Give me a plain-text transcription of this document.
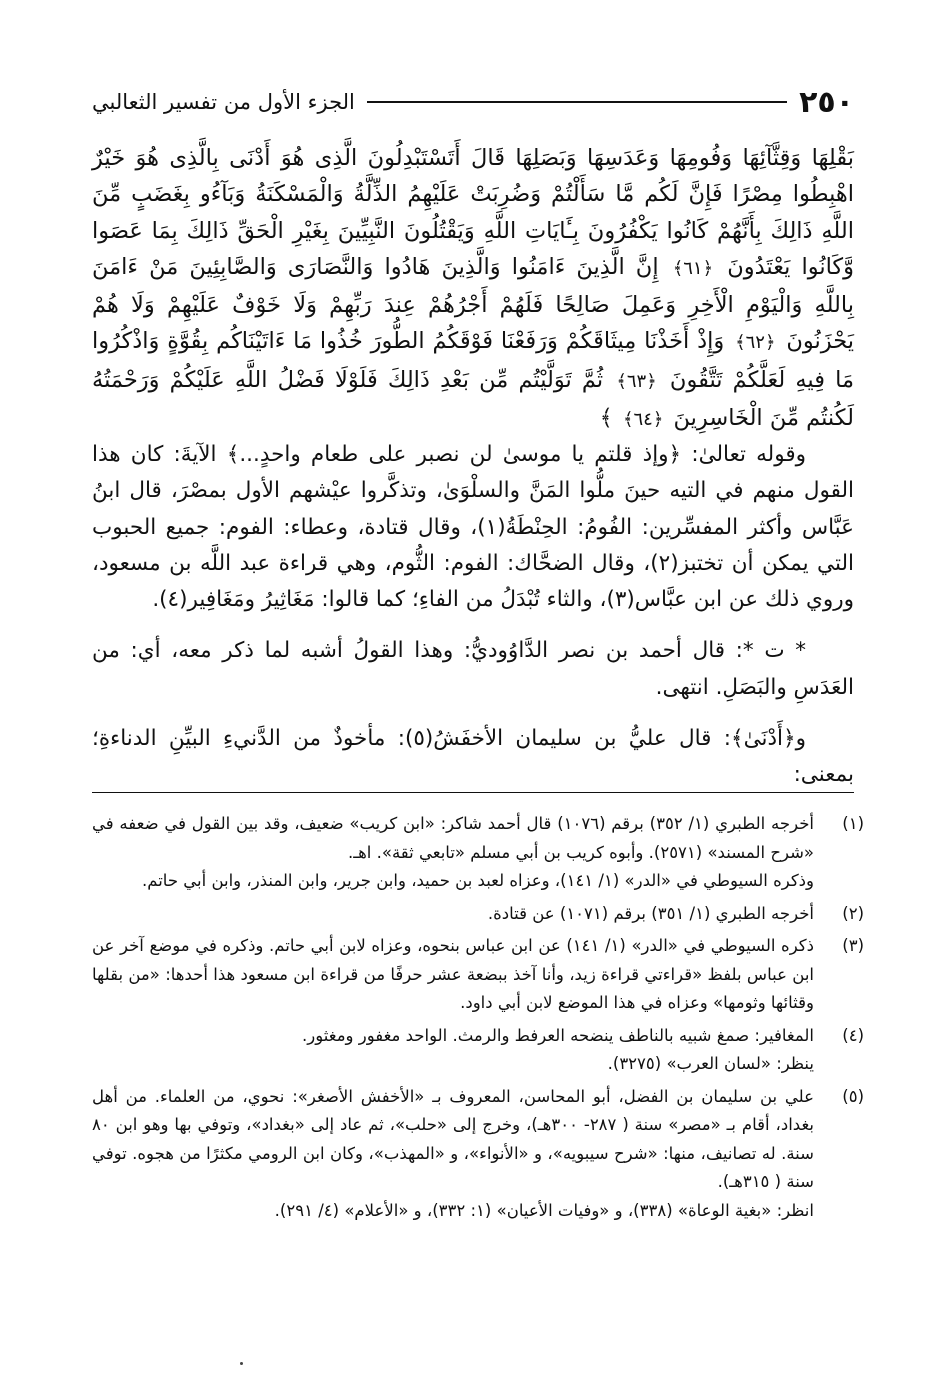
٢٥٠
الجزء الأول من تفسير الثعالبي
بَقْلِهَا وَقِثَّآئِهَا وَفُومِهَا وَعَدَسِهَا وَبَصَلِهَا قَالَ أَتَسْتَبْدِلُونَ الَّذِى هُوَ أَدْنَى بِالَّذِى هُوَ خَيْرٌ اهْبِطُوا مِصْرًا فَإِنَّ لَكُم مَّا سَأَلْتُمْ وَضُرِبَتْ عَلَيْهِمُ الذِّلَّةُ وَالْمَسْكَنَةُ وَبَآءُو بِغَضَبٍ مِّنَ اللَّهِ ذَالِكَ بِأَنَّهُمْ كَانُوا يَكْفُرُونَ بِـَٔايَاتِ اللَّهِ وَيَقْتُلُونَ النَّبِيِّينَ بِغَيْرِ الْحَقِّ ذَالِكَ بِمَا عَصَوا وَّكَانُوا يَعْتَدُونَ ﴿٦١﴾ إِنَّ الَّذِينَ ءَامَنُوا وَالَّذِينَ هَادُوا وَالنَّصَارَى وَالصَّابِئِينَ مَنْ ءَامَنَ بِاللَّهِ وَالْيَوْمِ الْأَخِرِ وَعَمِلَ صَالِحًا فَلَهُمْ أَجْرُهُمْ عِندَ رَبِّهِمْ وَلَا خَوْفٌ عَلَيْهِمْ وَلَا هُمْ يَحْزَنُونَ ﴿٦٢﴾ وَإِذْ أَخَذْنَا مِيثَاقَكُمْ وَرَفَعْنَا فَوْقَكُمُ الطُّورَ خُذُوا مَا ءَاتَيْنَاكُم بِقُوَّةٍ وَاذْكُرُوا مَا فِيهِ لَعَلَّكُمْ تَتَّقُونَ ﴿٦٣﴾ ثُمَّ تَوَلَّيْتُم مِّن بَعْدِ ذَالِكَ فَلَوْلَا فَضْلُ اللَّهِ عَلَيْكُمْ وَرَحْمَتُهُ لَكُنتُم مِّنَ الْخَاسِرِينَ ﴿٦٤﴾ ﴾

وقوله تعالىٰ: ﴿وإذ قلتم يا موسىٰ لن نصبر على طعام واحدٍ...﴾ الآيةَ: كان هذا القول منهم في التيه حينَ ملُّوا المَنَّ والسلْوَىٰ، وتذكَّروا عيْشهم الأول بمصْرَ، قال ابنُ عَبَّاس وأكثر المفسِّرين: الفُومُ: الحِنْطَةُ(١)، وقال قتادة، وعطاء: الفوم: جميع الحبوب التي يمكن أن تختبز(٢)، وقال الضحَّاك: الفوم: الثُّوم، وهي قراءة عبد اللَّه بن مسعود، وروي ذلك عن ابن عبَّاس(٣)، والثاء تُبْدَلُ من الفاءِ؛ كما قالوا: مَغَاثِيرُ ومَغَافِير(٤).

* ت *: قال أحمد بن نصر الدَّاوُوديُّ: وهذا القولُ أشبه لما ذكر معه، أي: من العَدَسِ والبَصَلِ. انتهى.

و﴿أَدْنَىٰ﴾: قال عليُّ بن سليمان الأخفَشُ(٥): مأخوذٌ من الدَّنيءِ البيِّنِ الدناءةِ؛ بمعنى:

(١)

أخرجه الطبري (١/ ٣٥٢) برقم (١٠٧٦) قال أحمد شاكر: «ابن كريب» ضعيف، وقد بين القول في ضعفه في «شرح المسند» (٢٥٧١). وأبوه كريب بن أبي مسلم «تابعي ثقة». اهـ.

وذكره السيوطي في «الدر» (١/ ١٤١)، وعزاه لعبد بن حميد، وابن جرير، وابن المنذر، وابن أبي حاتم.

(٢)

أخرجه الطبري (١/ ٣٥١) برقم (١٠٧١) عن قتادة.

(٣)

ذكره السيوطي في «الدر» (١/ ١٤١) عن ابن عباس بنحوه، وعزاه لابن أبي حاتم. وذكره في موضع آخر عن ابن عباس بلفظ «قراءتي قراءة زيد، وأنا آخذ ببضعة عشر حرفًا من قراءة ابن مسعود هذا أحدها: «من بقلها وقثائها وثومها» وعزاه في هذا الموضع لابن أبي داود.

(٤)

المغافير: صمغ شبيه بالناطف ينضحه العرفط والرمث. الواحد مغفور ومغثور.

ينظر: «لسان العرب» (٣٢٧٥).

(٥)

علي بن سليمان بن الفضل، أبو المحاسن، المعروف بـ «الأخفش الأصغر»: نحوي، من العلماء. من أهل بغداد، أقام بـ «مصر» سنة ( ٢٨٧- ٣٠٠هـ)، وخرج إلى «حلب»، ثم عاد إلى «بغداد»، وتوفي بها وهو ابن ٨٠ سنة. له تصانيف، منها: «شرح سيبويه»، و «الأنواء»، و «المهذب»، وكان ابن الرومي مكثرًا من هجوه. توفي سنة ( ٣١٥هـ).

انظر: «بغية الوعاة» (٣٣٨)، و «وفيات الأعيان» (١: ٣٣٢)، و «الأعلام» (٤/ ٢٩١).
